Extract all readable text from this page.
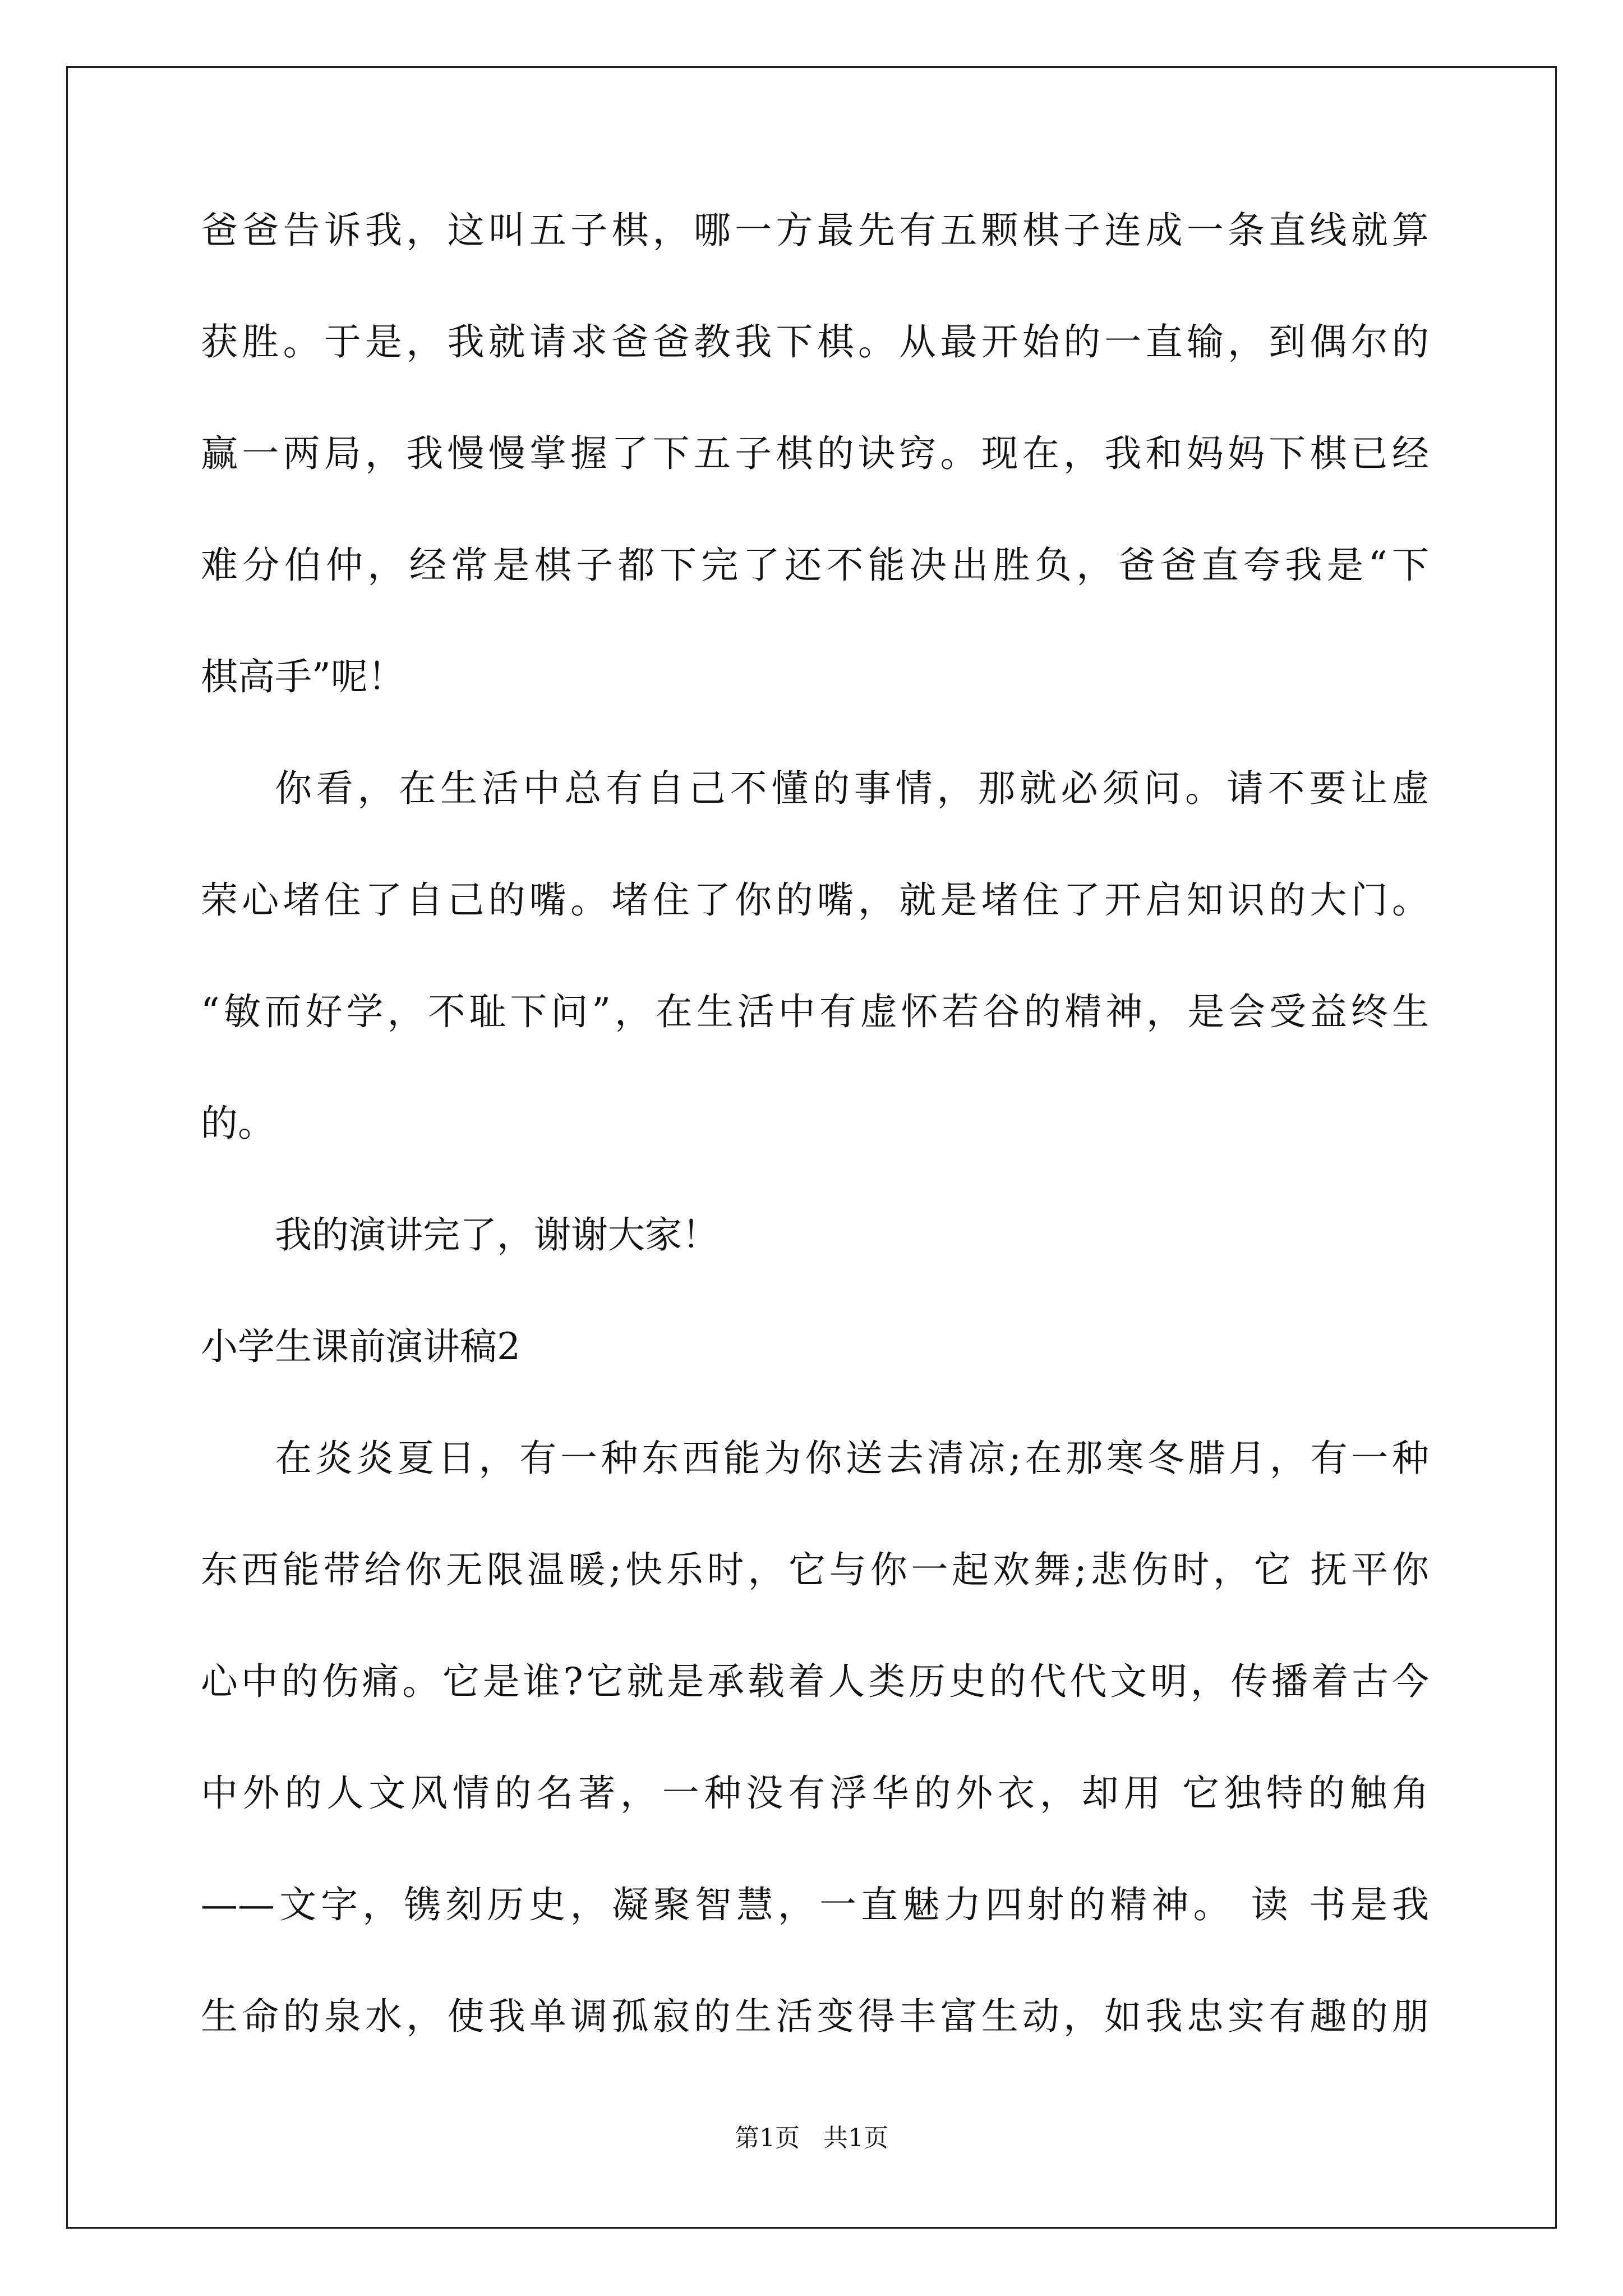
爸爸告诉我，这叫五子棋，哪一方最先有五颗棋子连成一条直线就算
获胜。于是，我就请求爸爸教我下棋。从最开始的一直输，到偶尔的
赢一两局，我慢慢掌握了下五子棋的诀窍。现在，我和妈妈下棋已经
难分伯仲，经常是棋子都下完了还不能决出胜负，爸爸直夸我是“下
棋高手”呢！
你看，在生活中总有自己不懂的事情，那就必须问。请不要让虚
荣心堵住了自己的嘴。堵住了你的嘴，就是堵住了开启知识的大门。
“敏而好学，不耻下问”，在生活中有虚怀若谷的精神，是会受益终生
的。
我的演讲完了，谢谢大家！
小学生课前演讲稿2
在炎炎夏日，有一种东西能为你送去清凉;在那寒冬腊月，有一种
东西能带给你无限温暖;快乐时，它与你一起欢舞;悲伤时，它 抚平你
心中的伤痛。它是谁?它就是承载着人类历史的代代文明，传播着古今
中外的人文风情的名著，一种没有浮华的外衣，却用 它独特的触角
——文字，镌刻历史，凝聚智慧，一直魅力四射的精神。 读 书是我
生命的泉水，使我单调孤寂的生活变得丰富生动，如我忠实有趣的朋
第1页   共1页
